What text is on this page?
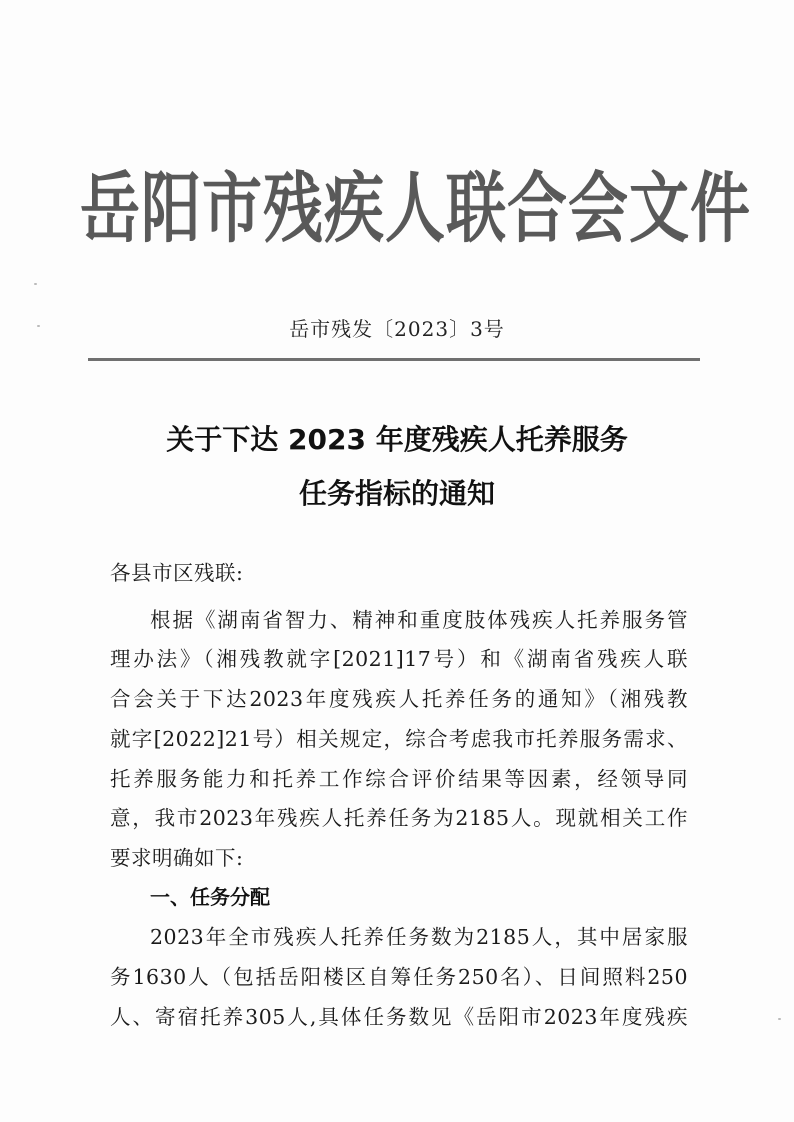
岳阳市残疾人联合会文件
岳市残发〔2023〕3号
关于下达 2023 年度残疾人托养服务
任务指标的通知
各县市区残联:
根据《湖南省智力、精神和重度肢体残疾人托养服务管
理办法》（湘残教就字[2021]17号）和《湖南省残疾人联
合会关于下达2023年度残疾人托养任务的通知》（湘残教
就字[2022]21号）相关规定，综合考虑我市托养服务需求、
托养服务能力和托养工作综合评价结果等因素，经领导同
意，我市2023年残疾人托养任务为2185人。现就相关工作
要求明确如下:
一、任务分配
2023年全市残疾人托养任务数为2185人，其中居家服
务1630人（包括岳阳楼区自筹任务250名）、日间照料250
人、寄宿托养305人,具体任务数见《岳阳市2023年度残疾
